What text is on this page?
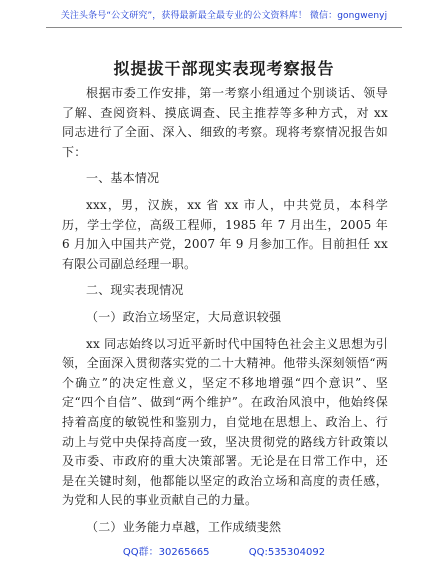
关注头条号“公文研究”，获得最新最全最专业的公文资料库！ 微信：gongwenyj
拟提拔干部现实表现考察报告

根据市委工作安排，第一考察小组通过个别谈话、领导了解、查阅资料、摸底调查、民主推荐等多种方式，对 xx 同志进行了全面、深入、细致的考察。现将考察情况报告如下：

一、基本情况

xxx，男，汉族，xx 省 xx 市人，中共党员，本科学历，学士学位，高级工程师，1985 年 7 月出生，2005 年 6 月加入中国共产党，2007 年 9 月参加工作。目前担任 xx 有限公司副总经理一职。

二、现实表现情况

（一）政治立场坚定，大局意识较强

xx 同志始终以习近平新时代中国特色社会主义思想为引领，全面深入贯彻落实党的二十大精神。他带头深刻领悟“两个确立”的决定性意义，坚定不移地增强“四个意识”、坚定“四个自信”、做到“两个维护”。在政治风浪中，他始终保持着高度的敏锐性和鉴别力，自觉地在思想上、政治上、行动上与党中央保持高度一致，坚决贯彻党的路线方针政策以及市委、市政府的重大决策部署。无论是在日常工作中，还是在关键时刻，他都能以坚定的政治立场和高度的责任感，为党和人民的事业贡献自己的力量。

（二）业务能力卓越，工作成绩斐然

QQ群：30265665	QQ:535304092
